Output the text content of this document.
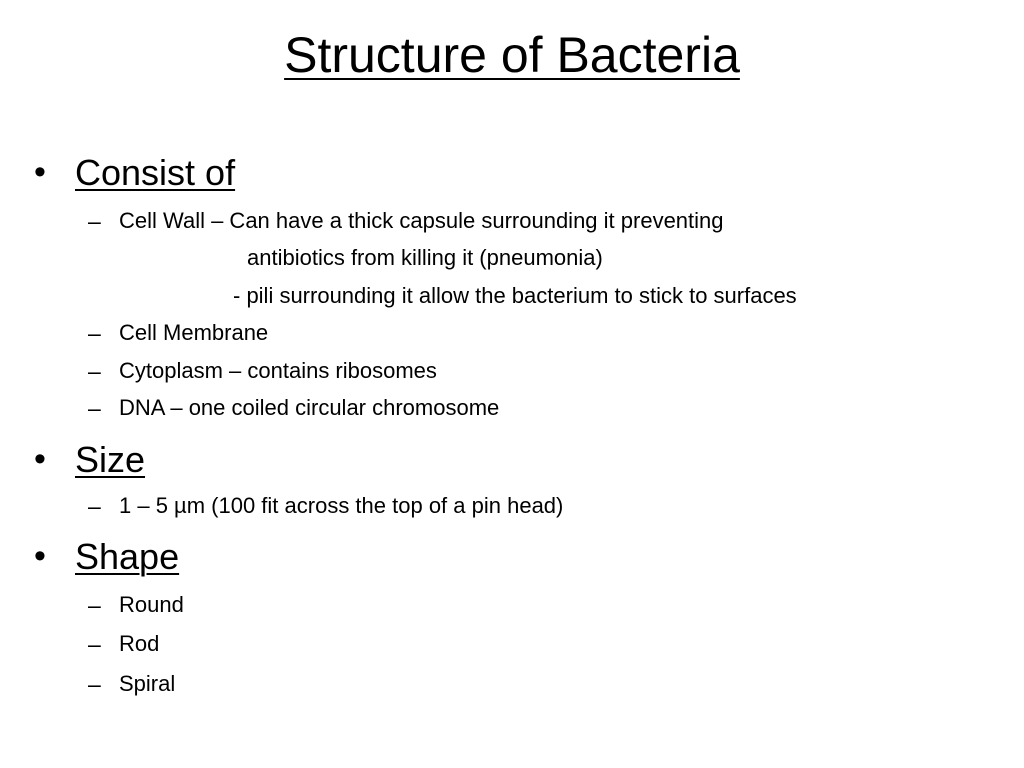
Structure of Bacteria
• Consist of
– Cell Wall – Can have a thick capsule surrounding it preventing
antibiotics from killing it (pneumonia)
- pili surrounding it allow the bacterium to stick to surfaces
– Cell Membrane
– Cytoplasm – contains ribosomes
– DNA – one coiled circular chromosome
• Size
– 1 – 5 µm (100 fit across the top of a pin head)
• Shape
– Round
– Rod
– Spiral
